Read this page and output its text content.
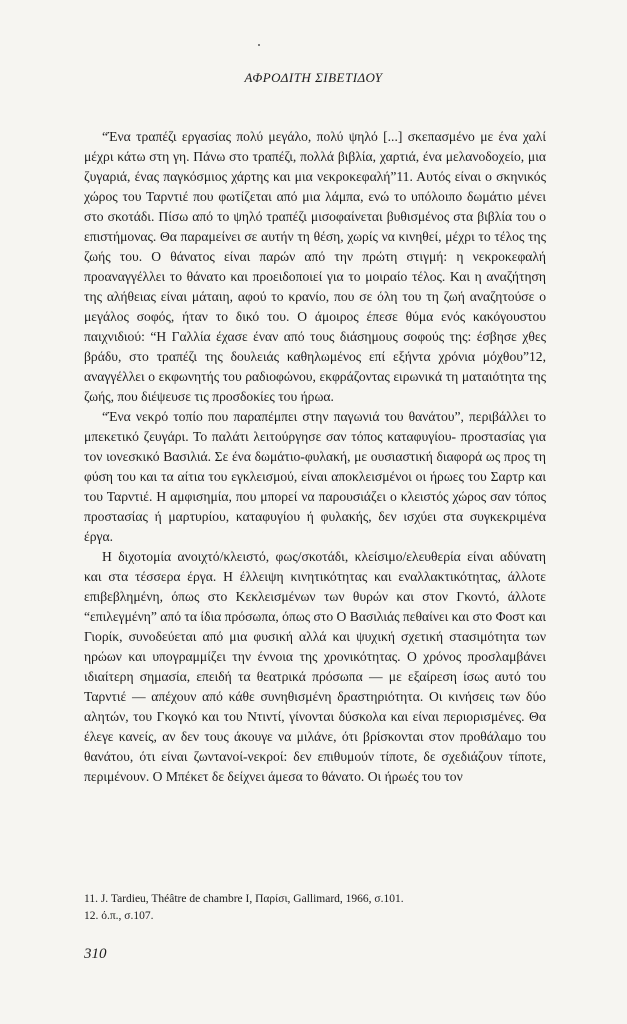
ΑΦΡΟΔΙΤΗ ΣΙΒΕΤΙΔΟΥ

“Ένα τραπέζι εργασίας πολύ μεγάλο, πολύ ψηλό [...] σκεπασμένο με ένα χαλί μέχρι κάτω στη γη. Πάνω στο τραπέζι, πολλά βιβλία, χαρτιά, ένα μελανοδοχείο, μια ζυγαριά, ένας παγκόσμιος χάρτης και μια νεκροκεφαλή”11. Αυτός είναι ο σκηνικός χώρος του Ταρντιέ που φωτίζεται από μια λάμπα, ενώ το υπόλοιπο δωμάτιο μένει στο σκοτάδι. Πίσω από το ψηλό τραπέζι μισοφαίνεται βυθισμένος στα βιβλία του ο επιστήμονας. Θα παραμείνει σε αυτήν τη θέση, χωρίς να κινηθεί, μέχρι το τέλος της ζωής του. Ο θάνατος είναι παρών από την πρώτη στιγμή: η νεκροκεφαλή προαναγγέλλει το θάνατο και προειδοποιεί για το μοιραίο τέλος. Και η αναζήτηση της αλήθειας είναι μάταιη, αφού το κρανίο, που σε όλη του τη ζωή αναζητούσε ο μεγάλος σοφός, ήταν το δικό του. Ο άμοιρος έπεσε θύμα ενός κακόγουστου παιχνιδιού: “Η Γαλλία έχασε έναν από τους διάσημους σοφούς της: έσβησε χθες βράδυ, στο τραπέζι της δουλειάς καθηλωμένος επί εξήντα χρόνια μόχθου”12, αναγγέλλει ο εκφωνητής του ραδιοφώνου, εκφράζοντας ειρωνικά τη ματαιότητα της ζωής, που διέψευσε τις προσδοκίες του ήρωα.

“Ένα νεκρό τοπίο που παραπέμπει στην παγωνιά του θανάτου”, περιβάλλει το μπεκετικό ζευγάρι. Το παλάτι λειτούργησε σαν τόπος καταφυγίου- προστασίας για τον ιονεσκικό Βασιλιά. Σε ένα δωμάτιο-φυλακή, με ουσιαστική διαφορά ως προς τη φύση του και τα αίτια του εγκλεισμού, είναι αποκλεισμένοι οι ήρωες του Σαρτρ και του Ταρντιέ. Η αμφισημία, που μπορεί να παρουσιάζει ο κλειστός χώρος σαν τόπος προστασίας ή μαρτυρίου, καταφυγίου ή φυλακής, δεν ισχύει στα συγκεκριμένα έργα.

Η διχοτομία ανοιχτό/κλειστό, φως/σκοτάδι, κλείσιμο/ελευθερία είναι αδύνατη και στα τέσσερα έργα. Η έλλειψη κινητικότητας και εναλλακτικότητας, άλλοτε επιβεβλημένη, όπως στο Κεκλεισμένων των θυρών και στον Γκοντό, άλλοτε “επιλεγμένη” από τα ίδια πρόσωπα, όπως στο Ο Βασιλιάς πεθαίνει και στο Φοστ και Γιορίκ, συνοδεύεται από μια φυσική αλλά και ψυχική σχετική στασιμότητα των ηρώων και υπογραμμίζει την έννοια της χρονικότητας. Ο χρόνος προσλαμβάνει ιδιαίτερη σημασία, επειδή τα θεατρικά πρόσωπα — με εξαίρεση ίσως αυτό του Ταρντιέ — απέχουν από κάθε συνηθισμένη δραστηριότητα. Οι κινήσεις των δύο αλητών, του Γκογκό και του Ντιντί, γίνονται δύσκολα και είναι περιορισμένες. Θα έλεγε κανείς, αν δεν τους άκουγε να μιλάνε, ότι βρίσκονται στον προθάλαμο του θανάτου, ότι είναι ζωντανοί-νεκροί: δεν επιθυμούν τίποτε, δε σχεδιάζουν τίποτε, περιμένουν. Ο Μπέκετ δε δείχνει άμεσα το θάνατο. Οι ήρωές του τον

11. J. Tardieu, Théâtre de chambre I, Παρίσι, Gallimard, 1966, σ.101.
12. ό.π., σ.107.
310
